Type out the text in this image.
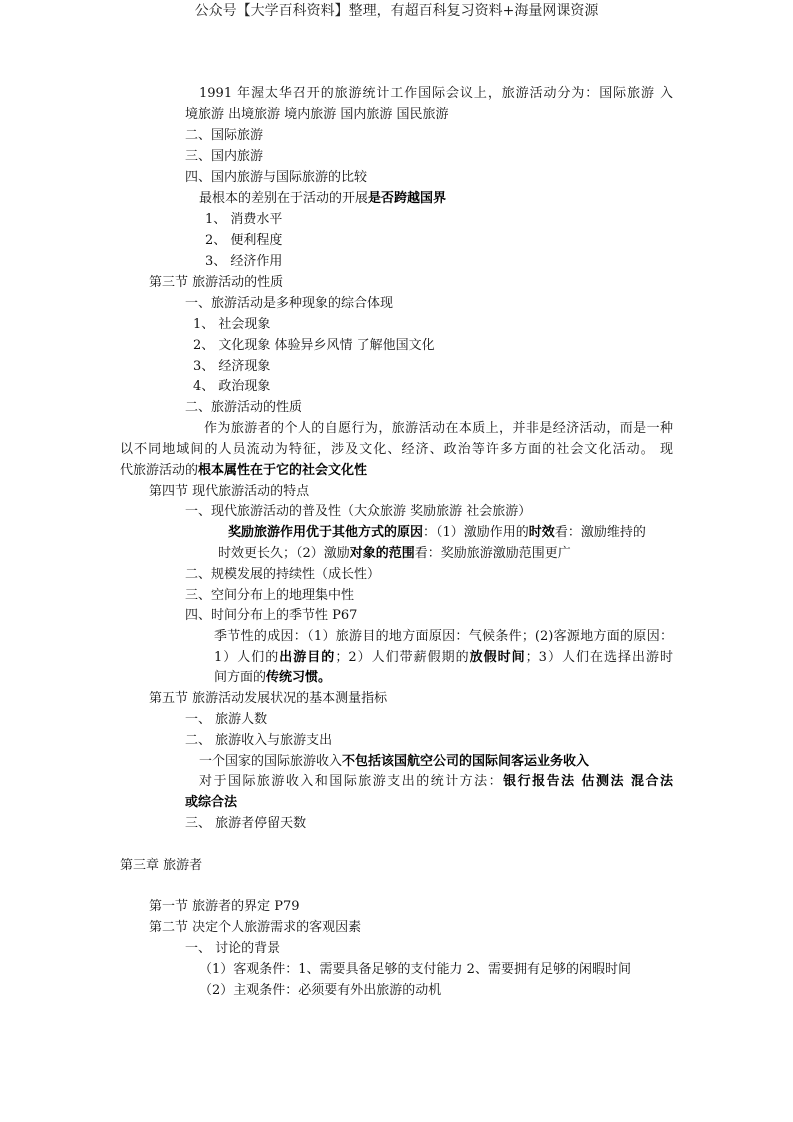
公众号【大学百科资料】整理，有超百科复习资料+海量网课资源
1991 年渥太华召开的旅游统计工作国际会议上，旅游活动分为：国际旅游 入
境旅游 出境旅游 境内旅游 国内旅游 国民旅游
二、国际旅游
三、国内旅游
四、国内旅游与国际旅游的比较
最根本的差别在于活动的开展是否跨越国界
1、 消费水平
2、 便利程度
3、 经济作用
第三节 旅游活动的性质
一、旅游活动是多种现象的综合体现
1、 社会现象
2、 文化现象 体验异乡风情 了解他国文化
3、 经济现象
4、 政治现象
二、旅游活动的性质
作为旅游者的个人的自愿行为，旅游活动在本质上，并非是经济活动，而是一种
以不同地域间的人员流动为特征，涉及文化、经济、政治等许多方面的社会文化活动。 现
代旅游活动的根本属性在于它的社会文化性
第四节 现代旅游活动的特点
一、现代旅游活动的普及性（大众旅游 奖励旅游 社会旅游）
奖励旅游作用优于其他方式的原因：（1）激励作用的时效看：激励维持的
时效更长久；（2）激励对象的范围看：奖励旅游激励范围更广
二、规模发展的持续性（成长性）
三、空间分布上的地理集中性
四、时间分布上的季节性 P67
季节性的成因：（1）旅游目的地方面原因：气候条件；(2)客源地方面的原因：
1）人们的出游目的；2）人们带薪假期的放假时间；3）人们在选择出游时
间方面的传统习惯。
第五节 旅游活动发展状况的基本测量指标
一、 旅游人数
二、 旅游收入与旅游支出
一个国家的国际旅游收入不包括该国航空公司的国际间客运业务收入
对于国际旅游收入和国际旅游支出的统计方法：银行报告法 估测法 混合法
或综合法
三、 旅游者停留天数
第三章 旅游者
第一节 旅游者的界定 P79
第二节 决定个人旅游需求的客观因素
一、 讨论的背景
（1）客观条件：1、需要具备足够的支付能力 2、需要拥有足够的闲暇时间
（2）主观条件：必须要有外出旅游的动机
